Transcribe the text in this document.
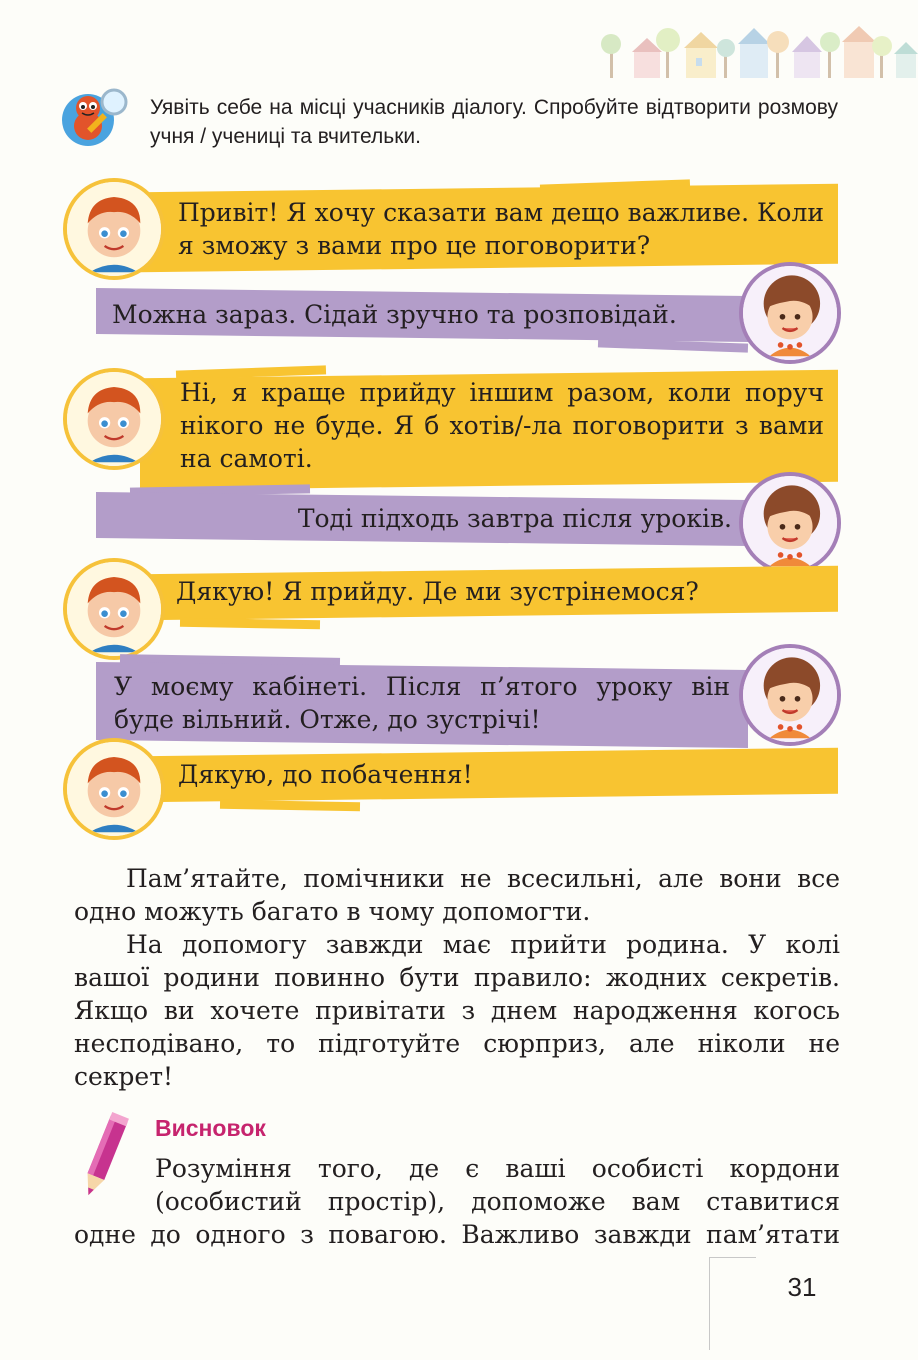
Уявіть себе на місці учасників діалогу. Спробуйте відтворити розмову учня / учениці та вчительки.
Привіт! Я хочу сказати вам дещо важливе. Коли я зможу з вами про це поговорити?
Можна зараз. Сідай зручно та розповідай.
Ні, я краще прийду іншим разом, коли поруч нікого не буде. Я б хотів/-ла поговорити з вами на самоті.
Тоді підходь завтра після уроків.
Дякую! Я прийду. Де ми зустрінемося?
У моєму кабінеті. Після п’ятого уроку він буде вільний. Отже, до зустрічі!
Дякую, до побачення!

Пам’ятайте, помічники не всесильні, але вони все одно можуть багато в чому допомогти.

На допомогу завжди має прийти родина. У колі вашої родини повинно бути правило: жодних секретів. Якщо ви хочете привітати з днем народження когось несподівано, то підготуйте сюрприз, але ніколи не секрет!

Висновок
Розуміння того, де є ваші особисті кордони
(особистий простір), допоможе вам ставитися
одне до одного з повагою. Важливо завжди пам’ятати
31
